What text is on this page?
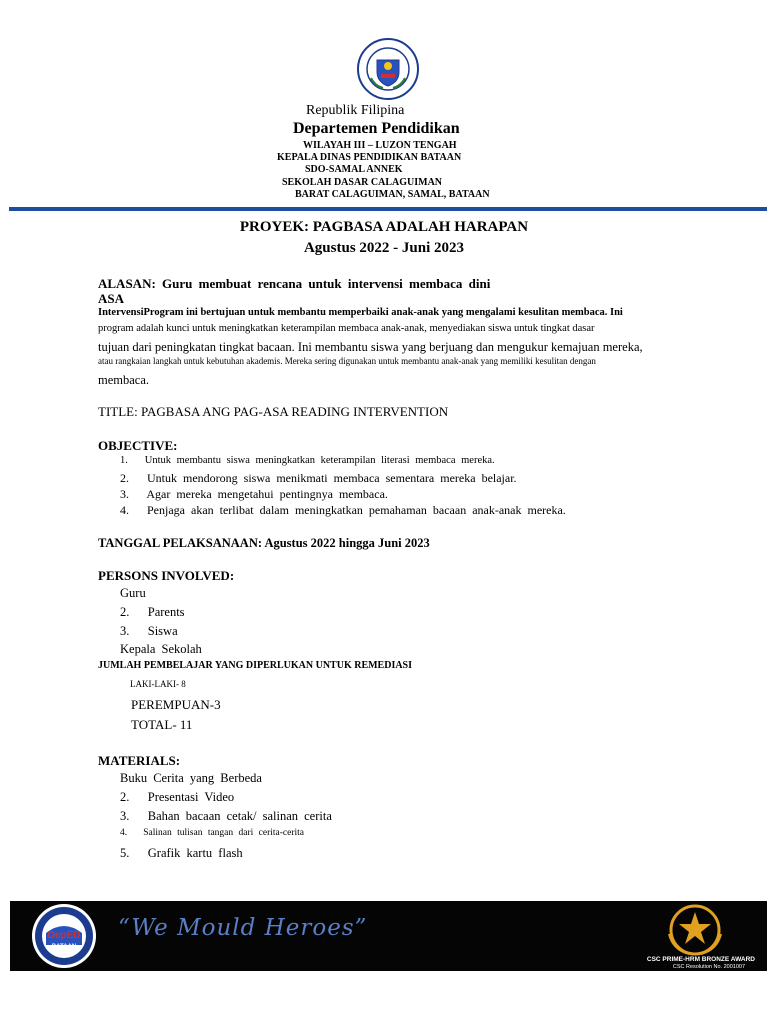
Republik Filipina
Departemen Pendidikan
WILAYAH III – LUZON TENGAH
KEPALA DINAS PENDIDIKAN BATAAN
SDO-SAMAL ANNEK
SEKOLAH DASAR CALAGUIMAN
BARAT CALAGUIMAN, SAMAL, BATAAN
PROYEK: PAGBASA ADALAH HARAPAN
Agustus 2022 - Juni 2023
ALASAN: Guru membuat rencana untuk intervensi membaca dini
ASA
IntervensiProgram ini bertujuan untuk membantu memperbaiki anak-anak yang mengalami kesulitan membaca. Ini
program adalah kunci untuk meningkatkan keterampilan membaca anak-anak, menyediakan siswa untuk tingkat dasar
tujuan dari peningkatan tingkat bacaan. Ini membantu siswa yang berjuang dan mengukur kemajuan mereka,
atau rangkaian langkah untuk kebutuhan akademis. Mereka sering digunakan untuk membantu anak-anak yang memiliki kesulitan dengan
membaca.
TITLE: PAGBASA ANG PAG-ASA READING INTERVENTION
OBJECTIVE:
1. Untuk membantu siswa meningkatkan keterampilan literasi membaca mereka.
2. Untuk mendorong siswa menikmati membaca sementara mereka belajar.
3. Agar mereka mengetahui pentingnya membaca.
4. Penjaga akan terlibat dalam meningkatkan pemahaman bacaan anak-anak mereka.
TANGGAL PELAKSANAAN: Agustus 2022 hingga Juni 2023
PERSONS INVOLVED:
Guru
2. Parents
3. Siswa
Kepala Sekolah
JUMLAH PEMBELAJAR YANG DIPERLUKAN UNTUK REMEDIASI
LAKI-LAKI- 8
PEREMPUAN-3
TOTAL- 11
MATERIALS:
Buku Cerita yang Berbeda
2. Presentasi Video
3. Bahan bacaan cetak/ salinan cerita
4. Salinan tulisan tangan dari cerita-cerita
5. Grafik kartu flash
DepED
BATAAN
“We Mould Heroes”
CSC PRIME-HRM BRONZE AWARD
CSC Resolution No. 2001007
